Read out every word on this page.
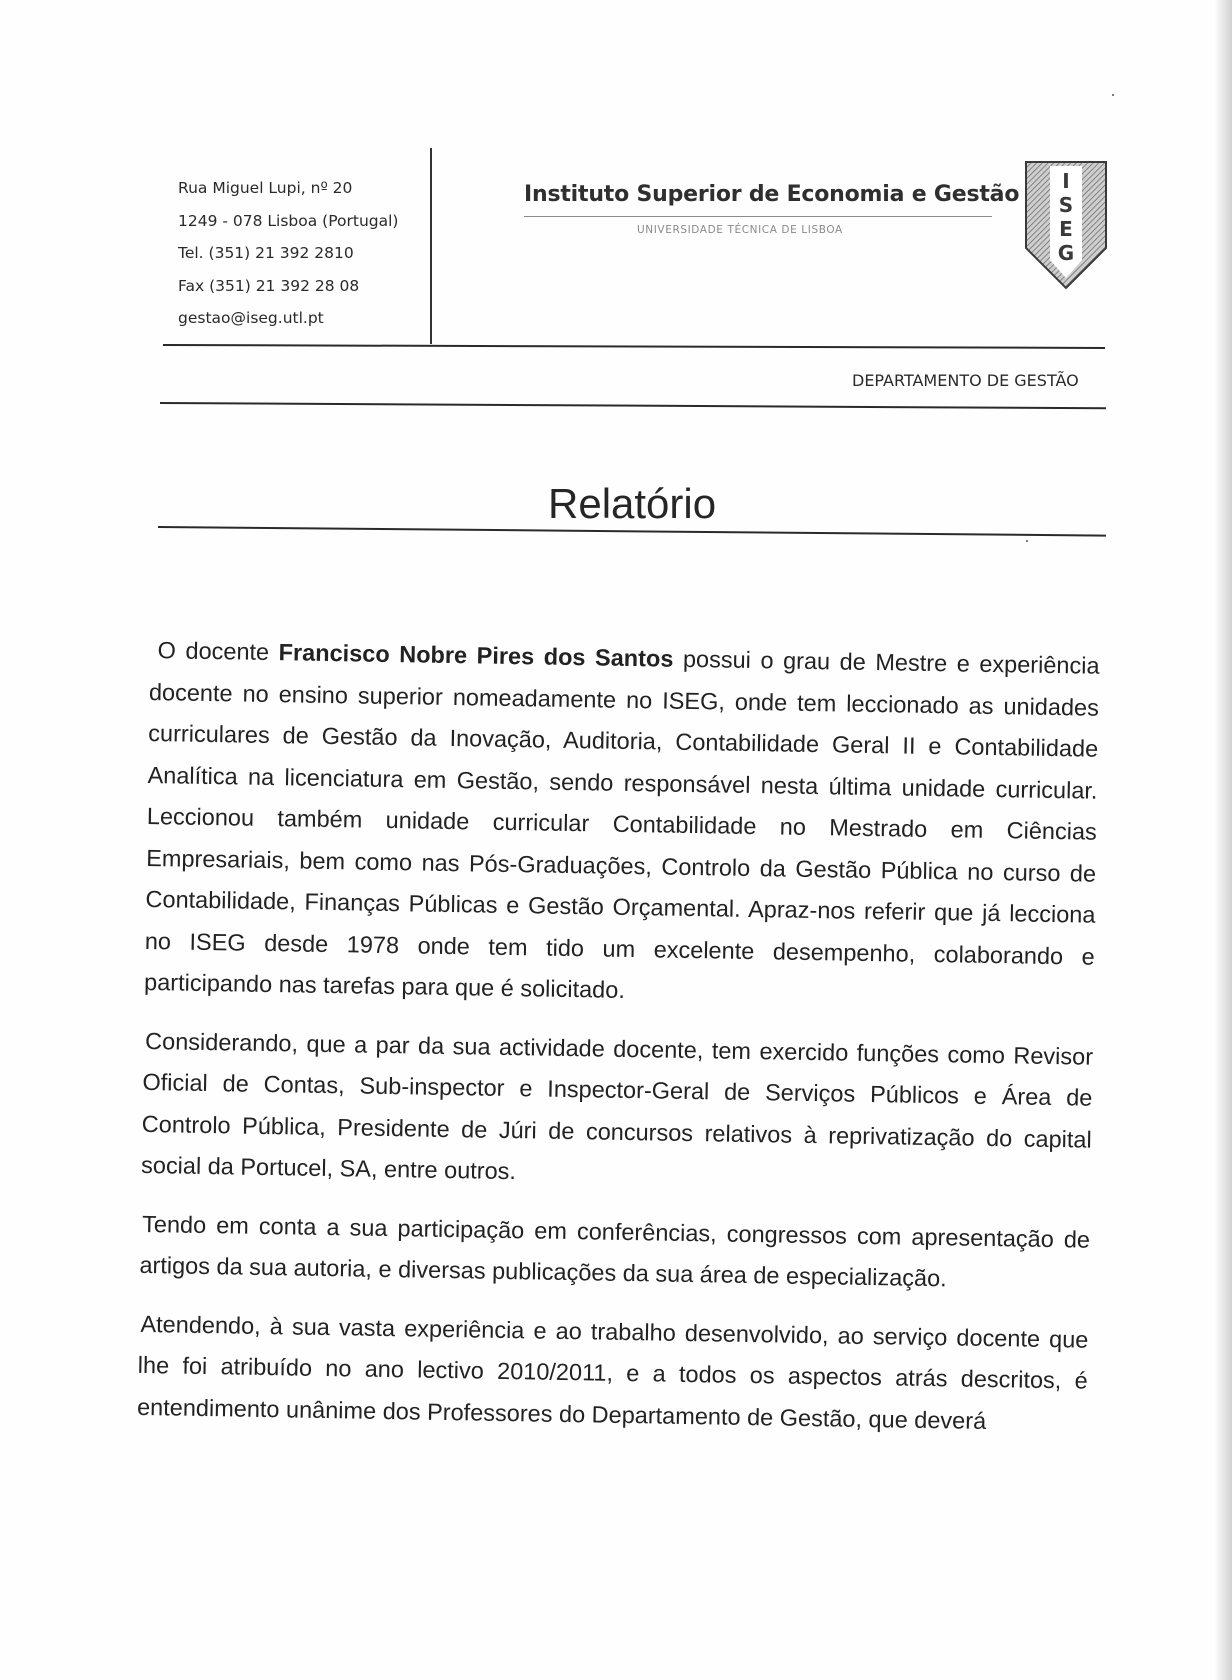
Rua Miguel Lupi, nº 20
1249 - 078 Lisboa (Portugal)
Tel. (351) 21 392 2810
Fax (351) 21 392 28 08
gestao@iseg.utl.pt
Instituto Superior de Economia e Gestão
UNIVERSIDADE TÉCNICA DE LISBOA
I
S
E
G
DEPARTAMENTO DE GESTÃO
Relatório

O docente Francisco Nobre Pires dos Santos possui o grau de Mestre e experiência docente no ensino superior nomeadamente no ISEG, onde tem leccionado as unidades curriculares de Gestão da Inovação, Auditoria, Contabilidade Geral II e Contabilidade Analítica na licenciatura em Gestão, sendo responsável nesta última unidade curricular. Leccionou também unidade curricular Contabilidade no Mestrado em Ciências Empresariais, bem como nas Pós-Graduações, Controlo da Gestão Pública no curso de Contabilidade, Finanças Públicas e Gestão Orçamental. Apraz-nos referir que já lecciona no ISEG desde 1978 onde tem tido um excelente desempenho, colaborando e participando nas tarefas para que é solicitado.

Considerando, que a par da sua actividade docente, tem exercido funções como Revisor Oficial de Contas, Sub-inspector e Inspector-Geral de Serviços Públicos e Área de Controlo Pública, Presidente de Júri de concursos relativos à reprivatização do capital social da Portucel, SA, entre outros.

Tendo em conta a sua participação em conferências, congressos com apresentação de artigos da sua autoria, e diversas publicações da sua área de especialização.

Atendendo, à sua vasta experiência e ao trabalho desenvolvido, ao serviço docente que lhe foi atribuído no ano lectivo 2010/2011, e a todos os aspectos atrás descritos, é entendimento unânime dos Professores do Departamento de Gestão, que deverá
